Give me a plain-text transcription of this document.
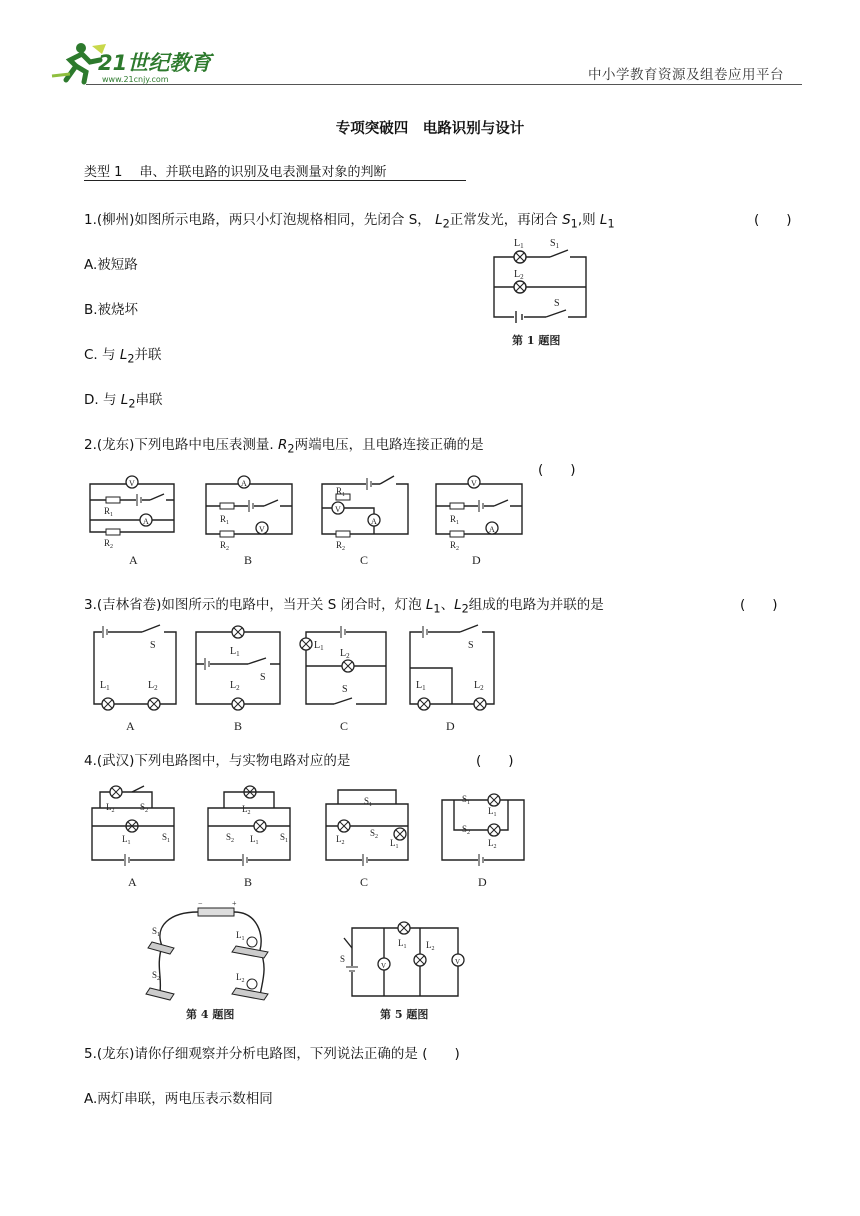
21世纪教育
www.21cnjy.com	中小学教育资源及组卷应用平台
专项突破四　电路识别与设计
类型 1　 串、并联电路的识别及电表测量对象的判断
1.(柳州)如图所示电路，两只小灯泡规格相同，先闭合 S， $L_2$正常发光，再闭合 $S_1$,则 $L_1$	(　　)
A.被短路
B.被烧坏
C. 与 $L_2$并联
D. 与 $L_2$串联
$L_1$	$S_1$
$L_2$
S
第 1 题图
2.(龙东)下列电路中电压表测量. $R_2$两端电压，且电路连接正确的是
(　　)
V
$R_1$
$R_2$
A
A
A
$R_1$
$R_2$
V
B
$R_1$
V
$R_2$
A
C
V
$R_1$
$R_2$
A
D
3.(吉林省卷)如图所示的电路中，当开关 S 闭合时，灯泡 $L_1$、$L_2$组成的电路为并联的是	(　　)
S
$L_1$	$L_2$
A
$L_1$
S
$L_2$
B
$L_1$ $L_2$
S
C
S
$L_1$	$L_2$
D
4.(武汉)下列电路图中，与实物电路对应的是	(　　)
$L_2$	$S_2$
$L_1$
$S_1$
A
$L_2$
$S_2$ $L_1$
$S_1$
B
$S_1$
$L_2$
$S_2$
$L_1$
C
$S_1$
$L_1$
$S_2$
$L_2$
D
−	+
$S_1$
$S_2$
$L_1$
$L_2$
第 4 题图
$L_1$
S
V
$L_2$
V
第 5 题图
5.(龙东)请你仔细观察并分析电路图，下列说法正确的是 (　　)
A.两灯串联，两电压表示数相同
